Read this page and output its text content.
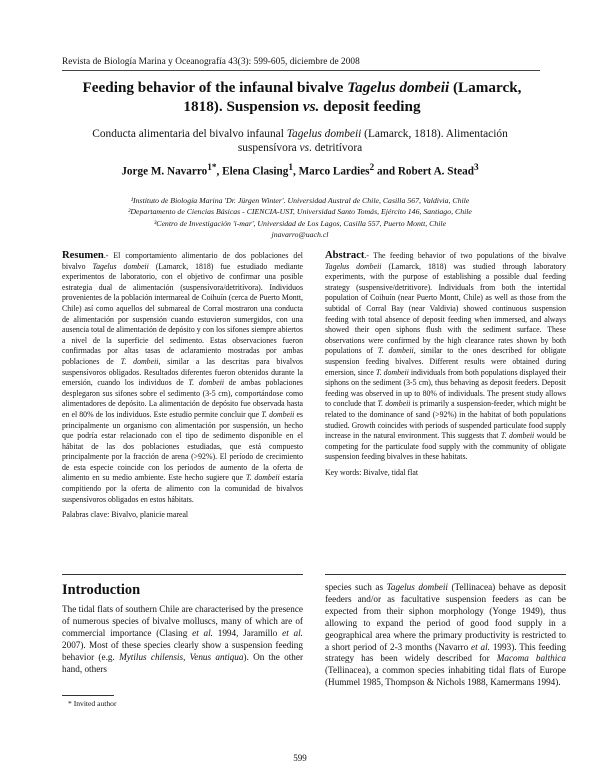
Revista de Biología Marina y Oceanografía 43(3): 599-605, diciembre de 2008
Feeding behavior of the infaunal bivalve Tagelus dombeii (Lamarck, 1818). Suspension vs. deposit feeding
Conducta alimentaria del bivalvo infaunal Tagelus dombeii (Lamarck, 1818). Alimentación suspensívora vs. detritívora
Jorge M. Navarro$^{1*}$, Elena Clasing$^1$, Marco Lardies$^2$ and Robert A. Stead$^3$
¹Instituto de Biología Marina 'Dr. Jürgen Winter'. Universidad Austral de Chile, Casilla 567, Valdivia, Chile
²Departamento de Ciencias Básicas - CIENCIA-UST, Universidad Santo Tomás, Ejército 146, Santiago, Chile
³Centro de Investigación 'i-mar', Universidad de Los Lagos, Casilla 557, Puerto Montt, Chile
jnavarro@uach.cl
Resumen.- El comportamiento alimentario de dos poblaciones del bivalvo Tagelus dombeii (Lamarck, 1818) fue estudiado mediante experimentos de laboratorio, con el objetivo de confirmar una posible estrategia dual de alimentación (suspensívora/detritívora). Individuos provenientes de la población intermareal de Coihuín (cerca de Puerto Montt, Chile) así como aquellos del submareal de Corral mostraron una conducta de alimentación por suspensión cuando estuvieron sumergidos, con una ausencia total de alimentación de depósito y con los sifones siempre abiertos a nivel de la superficie del sedimento. Estas observaciones fueron confirmadas por altas tasas de aclaramiento mostradas por ambas poblaciones de T. dombeii, similar a las descritas para bivalvos suspensívoros obligados. Resultados diferentes fueron obtenidos durante la emersión, cuando los individuos de T. dombeii de ambas poblaciones desplegaron sus sifones sobre el sedimento (3-5 cm), comportándose como alimentadores de depósito. La alimentación de depósito fue observada hasta en el 80% de los individuos. Este estudio permite concluir que T. dombeii es principalmente un organismo con alimentación por suspensión, un hecho que podría estar relacionado con el tipo de sedimento disponible en el hábitat de las dos poblaciones estudiadas, que está compuesto principalmente por la fracción de arena (>92%). El período de crecimiento de esta especie coincide con los períodos de aumento de la oferta de alimento en su medio ambiente. Este hecho sugiere que T. dombeii estaría compitiendo por la oferta de alimento con la comunidad de bivalvos suspensívoros obligados en estos hábitats.
Palabras clave: Bivalvo, planicie mareal
Abstract.- The feeding behavior of two populations of the bivalve Tagelus dombeii (Lamarck, 1818) was studied through laboratory experiments, with the purpose of establishing a possible dual feeding strategy (suspensive/detritivore). Individuals from both the intertidal population of Coihuín (near Puerto Montt, Chile) as well as those from the subtidal of Corral Bay (near Valdivia) showed continuous suspension feeding with total absence of deposit feeding when immersed, and always showed their open siphons flush with the sediment surface. These observations were confirmed by the high clearance rates shown by both populations of T. dombeii, similar to the ones described for obligate suspension feeding bivalves. Different results were obtained during emersion, since T. dombeii individuals from both populations displayed their siphons on the sediment (3-5 cm), thus behaving as deposit feeders. Deposit feeding was observed in up to 80% of individuals. The present study allows to conclude that T. dombeii is primarily a suspension-feeder, which might be related to the dominance of sand (>92%) in the habitat of both populations studied. Growth coincides with periods of suspended particulate food supply increase in the natural environment. This suggests that T. dombeii would be competing for the particulate food supply with the community of obligate suspension feeding bivalves in these habitats.
Key words: Bivalve, tidal flat
Introduction
The tidal flats of southern Chile are characterised by the presence of numerous species of bivalve molluscs, many of which are of commercial importance (Clasing et al. 1994, Jaramillo et al. 2007). Most of these species clearly show a suspension feeding behavior (e.g. Mytilus chilensis, Venus antiqua). On the other hand, others
species such as Tagelus dombeii (Tellinacea) behave as deposit feeders and/or as facultative suspension feeders as can be expected from their siphon morphology (Yonge 1949), thus allowing to expand the period of good food supply in a geographical area where the primary productivity is restricted to a short period of 2-3 months (Navarro et al. 1993). This feeding strategy has been widely described for Macoma balthica (Tellinacea), a common species inhabiting tidal flats of Europe (Hummel 1985, Thompson & Nichols 1988, Kamermans 1994).
* Invited author
599
